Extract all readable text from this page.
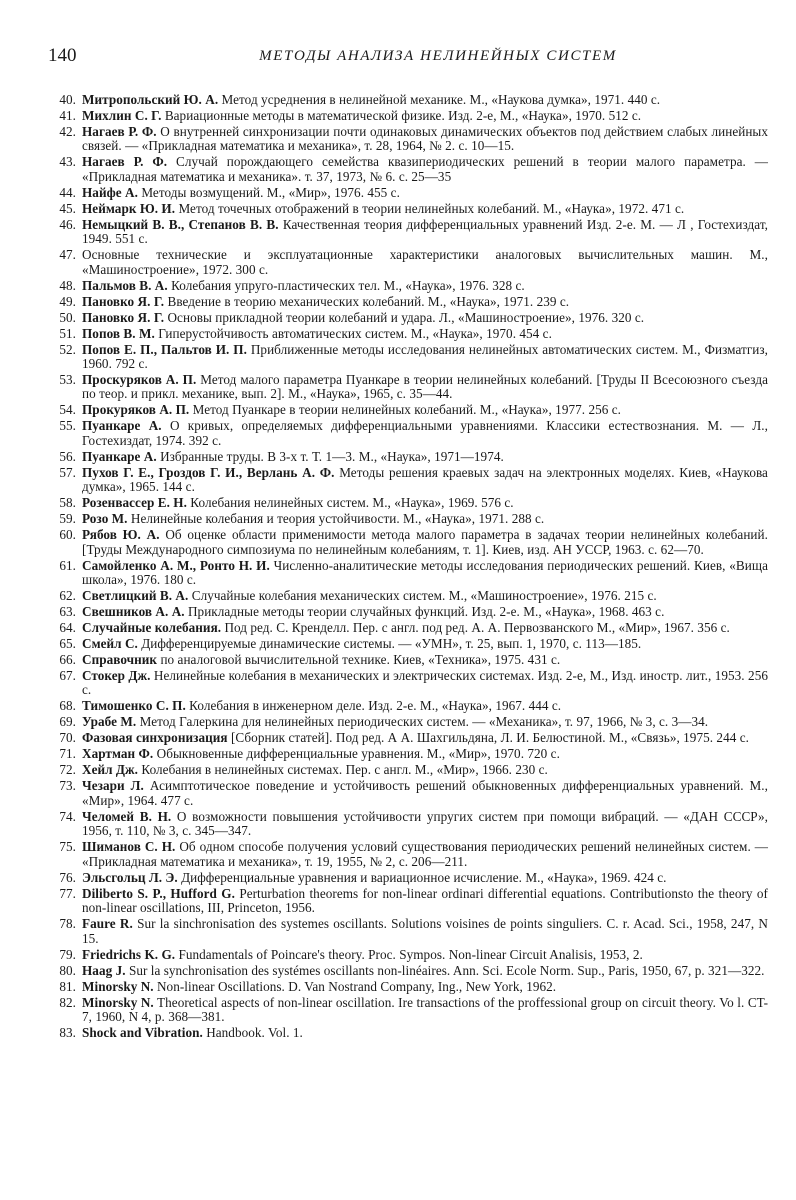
140	МЕТОДЫ АНАЛИЗА НЕЛИНЕЙНЫХ СИСТЕМ
40. Митропольский Ю. А. Метод усреднения в нелинейной механике. М., «Наукова думка», 1971. 440 с.
41. Михлин С. Г. Вариационные методы в математической физике. Изд. 2-е, М., «Наука», 1970. 512 с.
42. Нагаев Р. Ф. О внутренней синхронизации почти одинаковых динамических объектов под действием слабых линейных связей. — «Прикладная математика и механика», т. 28, 1964, № 2. с. 10—15.
43. Нагаев Р. Ф. Случай порождающего семейства квазипериодических решений в теории малого параметра. — «Прикладная математика и механика». т. 37, 1973, № 6. с. 25—35
44. Найфе А. Методы возмущений. М., «Мир», 1976. 455 с.
45. Неймарк Ю. И. Метод точечных отображений в теории нелинейных колебаний. М., «Наука», 1972. 471 с.
46. Немыцкий В. В., Степанов В. В. Качественная теория дифференциальных уравнений Изд. 2-е. М. — Л , Гостехиздат, 1949. 551 с.
47. Основные технические и эксплуатационные характеристики аналоговых вычислительных машин. М., «Машиностроение», 1972. 300 с.
48. Пальмов В. А. Колебания упруго-пластических тел. М., «Наука», 1976. 328 с.
49. Пановко Я. Г. Введение в теорию механических колебаний. М., «Наука», 1971. 239 с.
50. Пановко Я. Г. Основы прикладной теории колебаний и удара. Л., «Машиностроение», 1976. 320 с.
51. Попов В. М. Гиперустойчивость автоматических систем. М., «Наука», 1970. 454 с.
52. Попов Е. П., Пальтов И. П. Приближенные методы исследования нелинейных автоматических систем. М., Физматгиз, 1960. 792 с.
53. Проскуряков А. П. Метод малого параметра Пуанкаре в теории нелинейных колебаний. [Труды II Всесоюзного съезда по теор. и прикл. механике, вып. 2]. М., «Наука», 1965, с. 35—44.
54. Прокуряков А. П. Метод Пуанкаре в теории нелинейных колебаний. М., «Наука», 1977. 256 с.
55. Пуанкаре А. О кривых, определяемых дифференциальными уравнениями. Классики естествознания. М. — Л., Гостехиздат, 1974. 392 с.
56. Пуанкаре А. Избранные труды. В 3-х т. Т. 1—3. М., «Наука», 1971—1974.
57. Пухов Г. Е., Гроздов Г. И., Верлань А. Ф. Методы решения краевых задач на электронных моделях. Киев, «Наукова думка», 1965. 144 с.
58. Розенвассер Е. Н. Колебания нелинейных систем. М., «Наука», 1969. 576 с.
59. Розо М. Нелинейные колебания и теория устойчивости. М., «Наука», 1971. 288 с.
60. Рябов Ю. А. Об оценке области применимости метода малого параметра в задачах теории нелинейных колебаний. [Труды Международного симпозиума по нелинейным колебаниям, т. 1]. Киев, изд. АН УССР, 1963. с. 62—70.
61. Самойленко А. М., Ронто Н. И. Численно-аналитические методы исследования периодических решений. Киев, «Вища школа», 1976. 180 с.
62. Светлицкий В. А. Случайные колебания механических систем. М., «Машиностроение», 1976. 215 с.
63. Свешников А. А. Прикладные методы теории случайных функций. Изд. 2-е. М., «Наука», 1968. 463 с.
64. Случайные колебания. Под ред. С. Кренделл. Пер. с англ. под ред. А. А. Первозванского М., «Мир», 1967. 356 с.
65. Смейл С. Дифференцируемые динамические системы. — «УМН», т. 25, вып. 1, 1970, с. 113—185.
66. Справочник по аналоговой вычислительной технике. Киев, «Техника», 1975. 431 с.
67. Стокер Дж. Нелинейные колебания в механических и электрических системах. Изд. 2-е, М., Изд. иностр. лит., 1953. 256 с.
68. Тимошенко С. П. Колебания в инженерном деле. Изд. 2-е. М., «Наука», 1967. 444 с.
69. Урабе М. Метод Галеркина для нелинейных периодических систем. — «Механика», т. 97, 1966, № 3, с. 3—34.
70. Фазовая синхронизация [Сборник статей]. Под ред. А А. Шахгильдяна, Л. И. Белюстиной. М., «Связь», 1975. 244 с.
71. Хартман Ф. Обыкновенные дифференциальные уравнения. М., «Мир», 1970. 720 с.
72. Хейл Дж. Колебания в нелинейных системах. Пер. с англ. М., «Мир», 1966. 230 с.
73. Чезари Л. Асимптотическое поведение и устойчивость решений обыкновенных дифференциальных уравнений. М., «Мир», 1964. 477 с.
74. Челомей В. Н. О возможности повышения устойчивости упругих систем при помощи вибраций. — «ДАН СССР», 1956, т. 110, № 3, с. 345—347.
75. Шиманов С. Н. Об одном способе получения условий существования периодических решений нелинейных систем. — «Прикладная математика и механика», т. 19, 1955, № 2, с. 206—211.
76. Эльсгольц Л. Э. Дифференциальные уравнения и вариационное исчисление. М., «Наука», 1969. 424 с.
77. Diliberto S. P., Hufford G. Perturbation theorems for non-linear ordinari differential equations. Contributionsto the theory of non-linear oscillations, III, Princeton, 1956.
78. Faure R. Sur la sinchronisation des systemes oscillants. Solutions voisines de points singuliers. C. r. Acad. Sci., 1958, 247, N 15.
79. Friedrichs K. G. Fundamentals of Poincare's theory. Proc. Sympos. Non-linear Circuit Analisis, 1953, 2.
80. Haag J. Sur la synchronisation des systémes oscillants non-linéaires. Ann. Sci. Ecole Norm. Sup., Paris, 1950, 67, p. 321—322.
81. Minorsky N. Non-linear Oscillations. D. Van Nostrand Company, Ing., New York, 1962.
82. Minorsky N. Theoretical aspects of non-linear oscillation. Ire transactions of the proffessional group on circuit theory. Vo l. CT-7, 1960, N 4, p. 368—381.
83. Shock and Vibration. Handbook. Vol. 1.
